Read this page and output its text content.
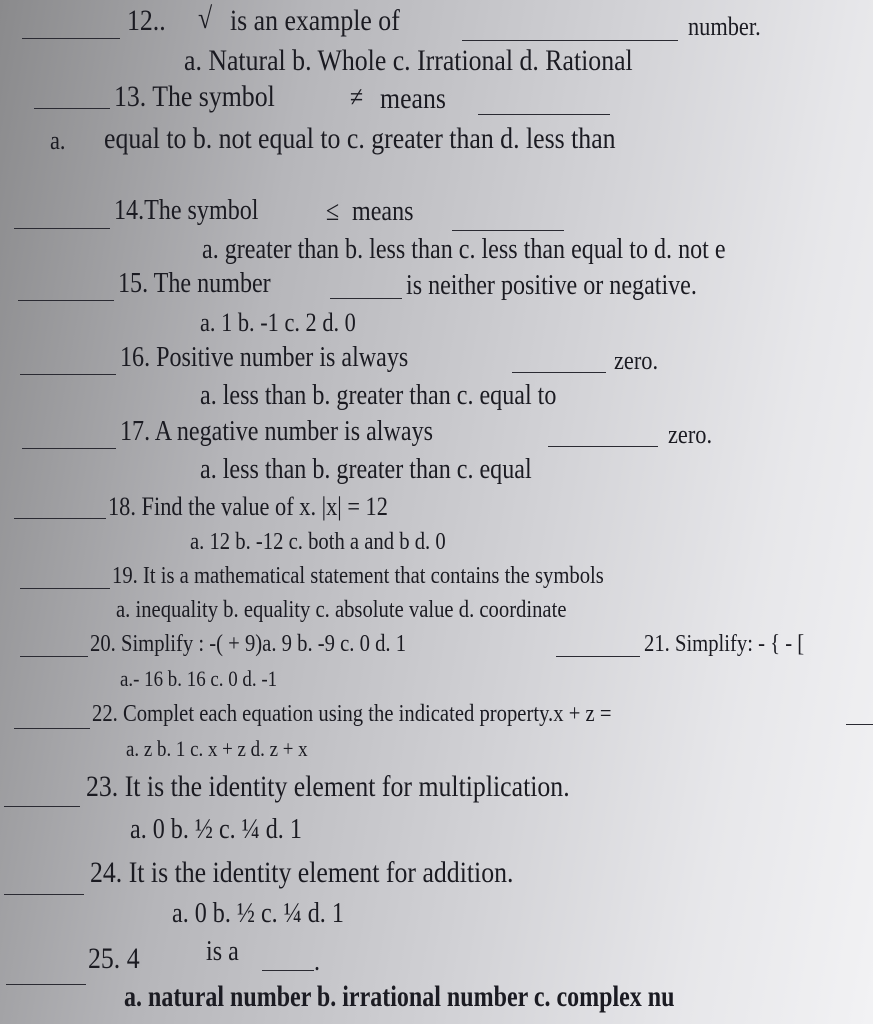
12.. √ is an example of	number.
a. Natural b. Whole c. Irrational d. Rational
13. The symbol	≠ means
a. equal to b. not equal to c. greater than d. less than
14.The symbol ≤ means
a. greater than b. less than c. less than equal to d. not e
15. The number	is neither positive or negative.
a. 1 b. -1 c. 2 d. 0
16. Positive number is always	zero.
a. less than b. greater than c. equal to
17. A negative number is always	zero.
a. less than b. greater than c. equal
18. Find the value of x. |x| = 12
a. 12 b. -12 c. both a and b d. 0
19. It is a mathematical statement that contains the symbols
a. inequality b. equality c. absolute value d. coordinate
20. Simplify : -( + 9)a. 9 b. -9 c. 0 d. 1	21. Simplify: - { - [
a.- 16 b. 16 c. 0 d. -1
22. Complet each equation using the indicated property.x + z =
a. z b. 1 c. x + z d. z + x
23. It is the identity element for multiplication.
a. 0 b. ½ c. ¼ d. 1
24. It is the identity element for addition.
a. 0 b. ½ c. ¼ d. 1
25. 4 is a	.
a. natural number b. irrational number c. complex nu
